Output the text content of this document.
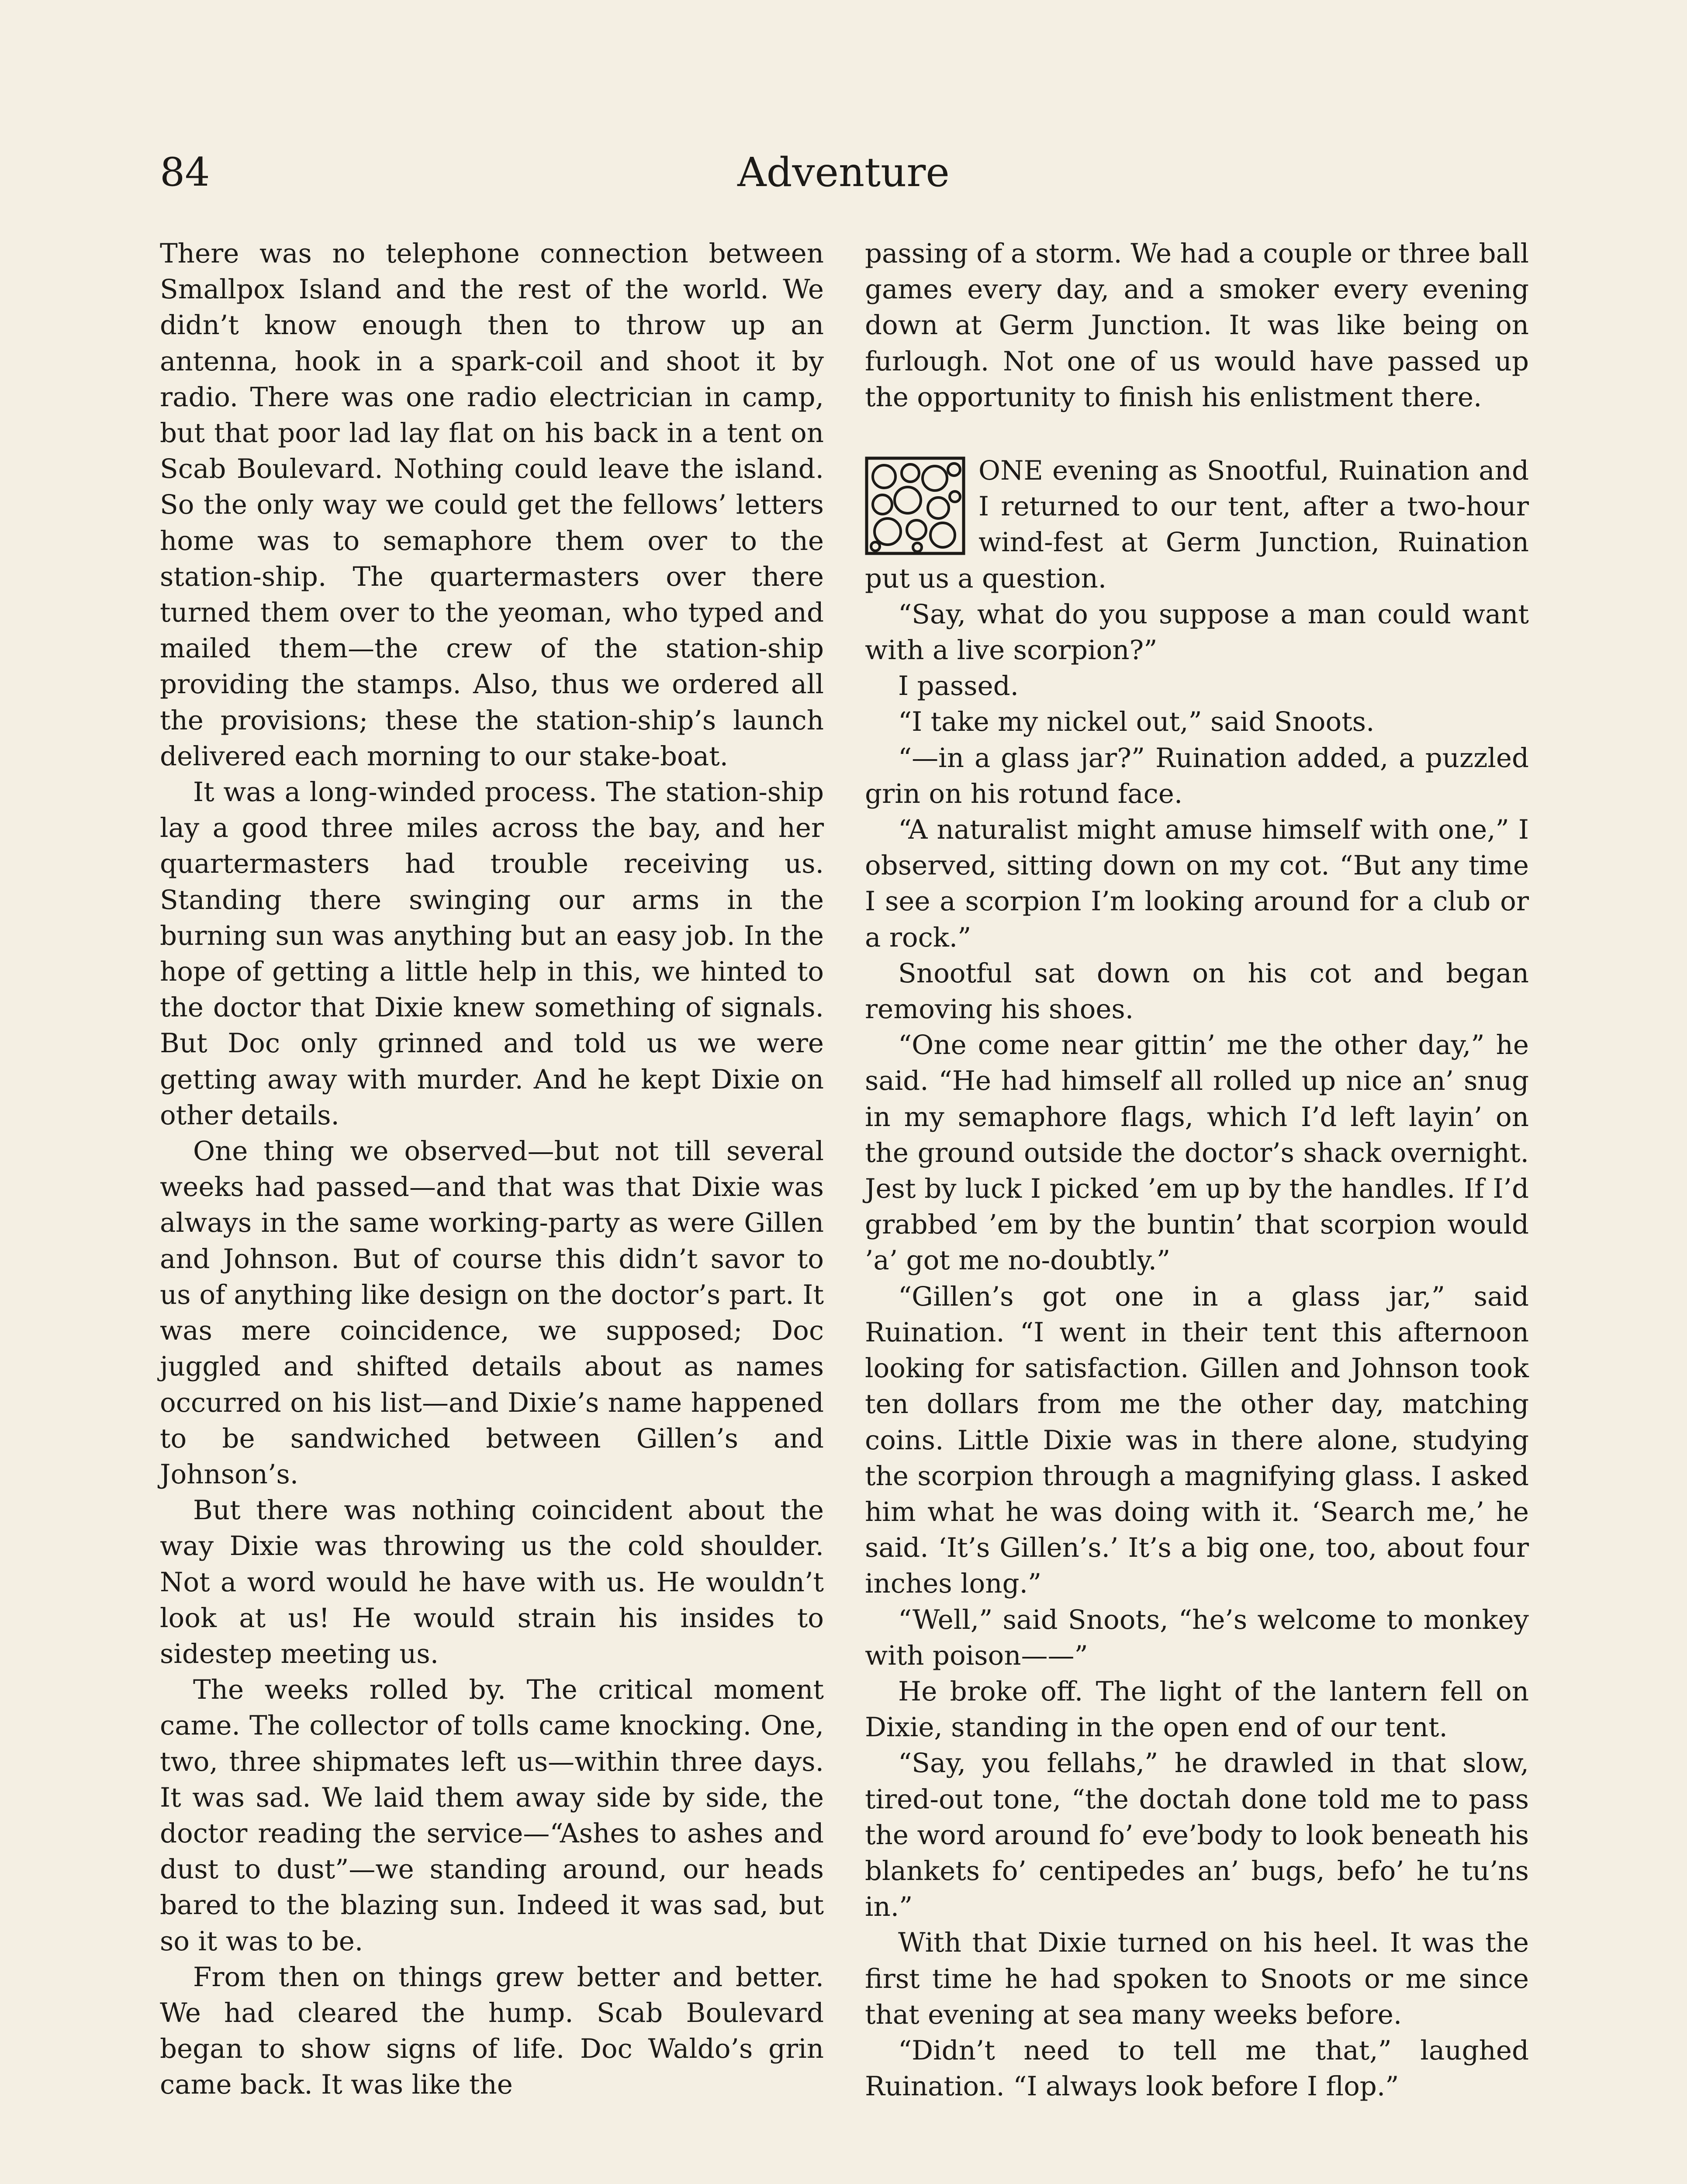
84	Adventure

There was no telephone connection between Smallpox Island and the rest of the world. We didn’t know enough then to throw up an antenna, hook in a spark-coil and shoot it by radio. There was one radio electrician in camp, but that poor lad lay flat on his back in a tent on Scab Boulevard. Nothing could leave the island. So the only way we could get the fellows’ letters home was to semaphore them over to the station-ship. The quartermasters over there turned them over to the yeoman, who typed and mailed them—the crew of the station-ship providing the stamps. Also, thus we ordered all the provisions; these the station-ship’s launch delivered each morning to our stake-boat.

It was a long-winded process. The station-ship lay a good three miles across the bay, and her quartermasters had trouble receiving us. Standing there swinging our arms in the burning sun was anything but an easy job. In the hope of getting a little help in this, we hinted to the doctor that Dixie knew something of signals. But Doc only grinned and told us we were getting away with murder. And he kept Dixie on other details.

One thing we observed—but not till several weeks had passed—and that was that Dixie was always in the same working-party as were Gillen and Johnson. But of course this didn’t savor to us of anything like design on the doctor’s part. It was mere coincidence, we supposed; Doc juggled and shifted details about as names occurred on his list—and Dixie’s name happened to be sandwiched between Gillen’s and Johnson’s.

But there was nothing coincident about the way Dixie was throwing us the cold shoulder. Not a word would he have with us. He wouldn’t look at us! He would strain his insides to sidestep meeting us.

The weeks rolled by. The critical moment came. The collector of tolls came knocking. One, two, three shipmates left us—within three days. It was sad. We laid them away side by side, the doctor reading the service—“Ashes to ashes and dust to dust”—we standing around, our heads bared to the blazing sun. Indeed it was sad, but so it was to be.

From then on things grew better and better. We had cleared the hump. Scab Boulevard began to show signs of life. Doc Waldo’s grin came back. It was like the

passing of a storm. We had a couple or three ball games every day, and a smoker every evening down at Germ Junction. It was like being on furlough. Not one of us would have passed up the opportunity to finish his enlistment there.

ONE evening as Snootful, Ruination and I returned to our tent, after a two-hour wind-fest at Germ Junction, Ruination put us a question.

“Say, what do you suppose a man could want with a live scorpion?”

I passed.

“I take my nickel out,” said Snoots.

“—in a glass jar?” Ruination added, a puzzled grin on his rotund face.

“A naturalist might amuse himself with one,” I observed, sitting down on my cot. “But any time I see a scorpion I’m looking around for a club or a rock.”

Snootful sat down on his cot and began removing his shoes.

“One come near gittin’ me the other day,” he said. “He had himself all rolled up nice an’ snug in my semaphore flags, which I’d left layin’ on the ground outside the doctor’s shack overnight. Jest by luck I picked ’em up by the handles. If I’d grabbed ’em by the buntin’ that scorpion would ’a’ got me no-doubtly.”

“Gillen’s got one in a glass jar,” said Ruination. “I went in their tent this afternoon looking for satisfaction. Gillen and Johnson took ten dollars from me the other day, matching coins. Little Dixie was in there alone, studying the scorpion through a magnifying glass. I asked him what he was doing with it. ‘Search me,’ he said. ‘It’s Gillen’s.’ It’s a big one, too, about four inches long.”

“Well,” said Snoots, “he’s welcome to monkey with poison——”

He broke off. The light of the lantern fell on Dixie, standing in the open end of our tent.

“Say, you fellahs,” he drawled in that slow, tired-out tone, “the doctah done told me to pass the word around fo’ eve’body to look beneath his blankets fo’ centipedes an’ bugs, befo’ he tu’ns in.”

With that Dixie turned on his heel. It was the first time he had spoken to Snoots or me since that evening at sea many weeks before.

“Didn’t need to tell me that,” laughed Ruination. “I always look before I flop.”
